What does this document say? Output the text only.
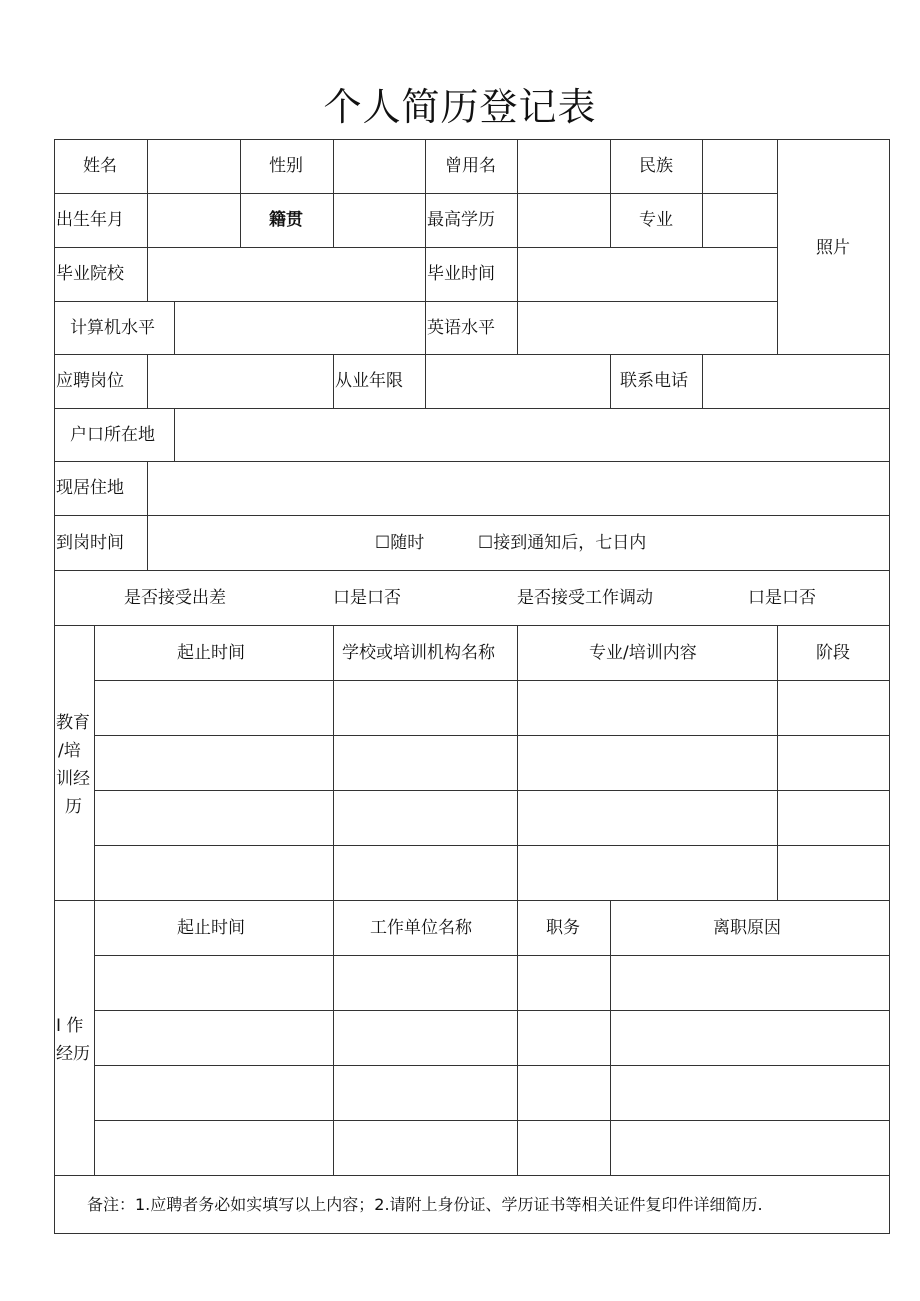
个人简历登记表
姓名	性别	曾用名	民族
照片
出生年月	籍贯	最高学历	专业
毕业院校	毕业时间
计算机水平	英语水平
应聘岗位	从业年限	联系电话
户口所在地
现居住地
到岗时间	☐随时	☐接到通知后，七日内
是否接受出差	口是口否	是否接受工作调动	口是口否
教育
/培
训经
历
起止时间	学校或培训机构名称	专业/培训内容	阶段
I 作
经历
起止时间	工作单位名称	职务	离职原因
备注：1.应聘者务必如实填写以上内容；2.请附上身份证、学历证书等相关证件复印件详细简历.
